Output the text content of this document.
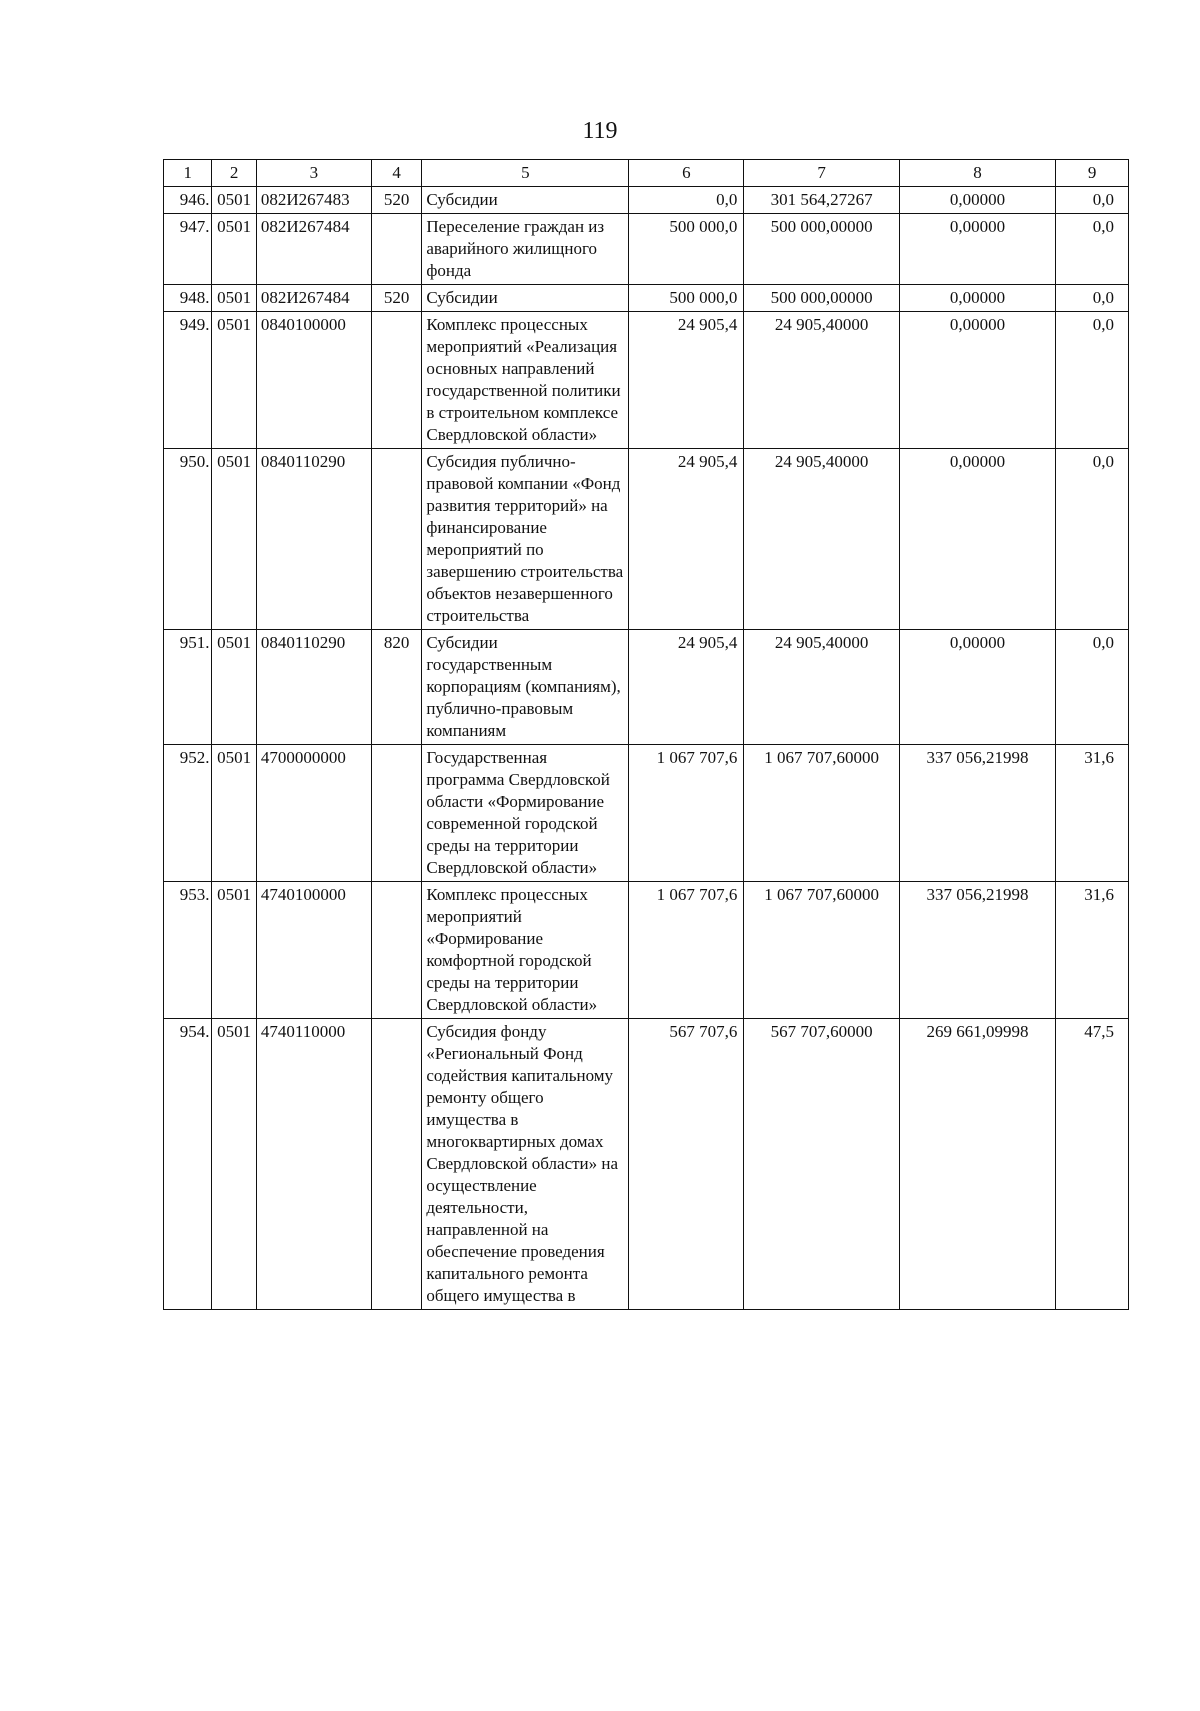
119
1	2	3	4	5	6	7	8	9
946.	0501	082И267483	520	Субсидии	0,0	301 564,27267	0,00000	0,0
947.	0501	082И267484		Переселение граждан из аварийного жилищного фонда	500 000,0	500 000,00000	0,00000	0,0
948.	0501	082И267484	520	Субсидии	500 000,0	500 000,00000	0,00000	0,0
949.	0501	0840100000		Комплекс процессных мероприятий «Реализация основных направлений государственной политики в строительном комплексе Свердловской области»	24 905,4	24 905,40000	0,00000	0,0
950.	0501	0840110290		Субсидия публично-правовой компании «Фонд развития территорий» на финансирование мероприятий по завершению строительства объектов незавершенного строительства	24 905,4	24 905,40000	0,00000	0,0
951.	0501	0840110290	820	Субсидии государственным корпорациям (компаниям), публично-правовым компаниям	24 905,4	24 905,40000	0,00000	0,0
952.	0501	4700000000		Государственная программа Свердловской области «Формирование современной городской среды на территории Свердловской области»	1 067 707,6	1 067 707,60000	337 056,21998	31,6
953.	0501	4740100000		Комплекс процессных мероприятий «Формирование комфортной городской среды на территории Свердловской области»	1 067 707,6	1 067 707,60000	337 056,21998	31,6
954.	0501	4740110000		Субсидия фонду «Региональный Фонд содействия капитальному ремонту общего имущества в многоквартирных домах Свердловской области» на осуществление деятельности, направленной на обеспечение проведения капитального ремонта общего имущества в	567 707,6	567 707,60000	269 661,09998	47,5
